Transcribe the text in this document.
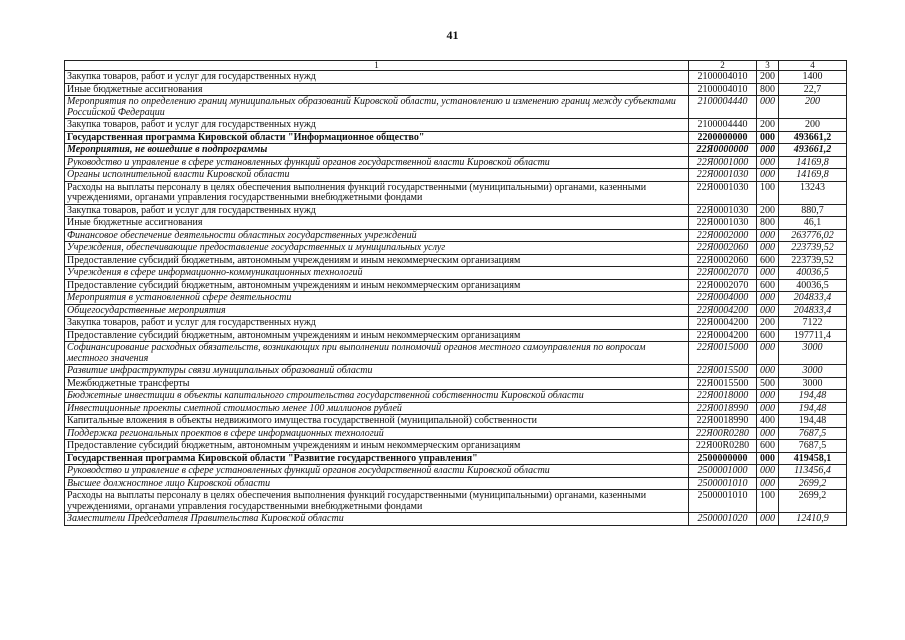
41
1	2	3	4
Закупка товаров, работ и услуг для государственных нужд	2100004010	200	1400
Иные бюджетные ассигнования	2100004010	800	22,7
Мероприятия по определению границ муниципальных образований Кировской области, установлению и изменению границ между субъектами Российской Федерации	2100004440	000	200
Закупка товаров, работ и услуг для государственных нужд	2100004440	200	200
Государственная программа Кировской области "Информационное общество"	2200000000	000	493661,2
Мероприятия, не вошедшие в подпрограммы	22Я0000000	000	493661,2
Руководство и управление в сфере установленных функций органов государственной власти Кировской области	22Я0001000	000	14169,8
Органы исполнительной власти Кировской области	22Я0001030	000	14169,8
Расходы на выплаты персоналу в целях обеспечения выполнения функций государственными (муниципальными) органами, казенными учреждениями, органами управления государственными внебюджетными фондами	22Я0001030	100	13243
Закупка товаров, работ и услуг для государственных нужд	22Я0001030	200	880,7
Иные бюджетные ассигнования	22Я0001030	800	46,1
Финансовое обеспечение деятельности областных государственных учреждений	22Я0002000	000	263776,02
Учреждения, обеспечивающие предоставление государственных и муниципальных услуг	22Я0002060	000	223739,52
Предоставление субсидий бюджетным, автономным учреждениям и иным некоммерческим организациям	22Я0002060	600	223739,52
Учреждения в сфере информационно-коммуникационных технологий	22Я0002070	000	40036,5
Предоставление субсидий бюджетным, автономным учреждениям и иным некоммерческим организациям	22Я0002070	600	40036,5
Мероприятия в установленной сфере деятельности	22Я0004000	000	204833,4
Общегосударственные мероприятия	22Я0004200	000	204833,4
Закупка товаров, работ и услуг для государственных нужд	22Я0004200	200	7122
Предоставление субсидий бюджетным, автономным учреждениям и иным некоммерческим организациям	22Я0004200	600	197711,4
Софинансирование расходных обязательств, возникающих при выполнении полномочий органов местного самоуправления по вопросам местного значения	22Я0015000	000	3000
Развитие инфраструктуры связи муниципальных образований области	22Я0015500	000	3000
Межбюджетные трансферты	22Я0015500	500	3000
Бюджетные инвестиции в объекты капитального строительства государственной собственности Кировской области	22Я0018000	000	194,48
Инвестиционные проекты сметной стоимостью менее 100 миллионов рублей	22Я0018990	000	194,48
Капитальные вложения в объекты недвижимого имущества государственной (муниципальной) собственности	22Я0018990	400	194,48
Поддержка региональных проектов в сфере информационных технологий	22Я00R0280	000	7687,5
Предоставление субсидий бюджетным, автономным учреждениям и иным некоммерческим организациям	22Я00R0280	600	7687,5
Государственная программа Кировской области "Развитие государственного управления"	2500000000	000	419458,1
Руководство и управление в сфере установленных функций органов государственной власти Кировской области	2500001000	000	113456,4
Высшее должностное лицо Кировской области	2500001010	000	2699,2
Расходы на выплаты персоналу в целях обеспечения выполнения функций государственными (муниципальными) органами, казенными учреждениями, органами управления государственными внебюджетными фондами	2500001010	100	2699,2
Заместители Председателя Правительства Кировской области	2500001020	000	12410,9
